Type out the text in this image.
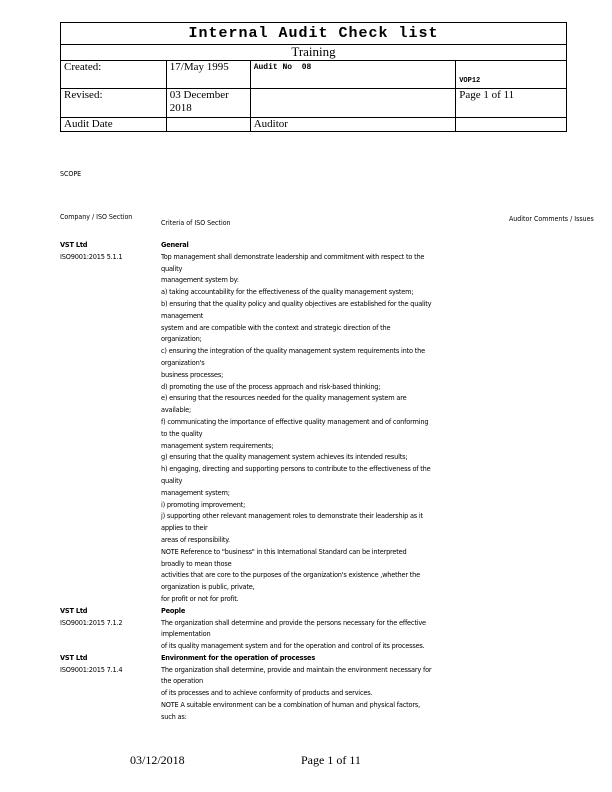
Internal Audit Check list			
Training			
Created:	17/May 1995	Audit No  08	VOP12
Revised:	03 December 2018		Page 1 of 11
Audit Date		Auditor	
SCOPE
Company / ISO Section
Criteria of ISO Section	Auditor Comments / Issues
VST Ltd
ISO9001:2015 5.1.1
General
Top management shall demonstrate leadership and commitment with respect to the
quality
management system by:
a) taking accountability for the effectiveness of the quality management system;
b) ensuring that the quality policy and quality objectives are established for the quality
management
system and are compatible with the context and strategic direction of the
organization;
c) ensuring the integration of the quality management system requirements into the
organization's
business processes;
d) promoting the use of the process approach and risk-based thinking;
e) ensuring that the resources needed for the quality management system are
available;
f) communicating the importance of effective quality management and of conforming
to the quality
management system requirements;
g) ensuring that the quality management system achieves its intended results;
h) engaging, directing and supporting persons to contribute to the effectiveness of the
quality
management system;
i) promoting improvement;
j) supporting other relevant management roles to demonstrate their leadership as it
applies to their
areas of responsibility.
NOTE Reference to "business" in this International Standard can be interpreted
broadly to mean those
activities that are core to the purposes of the organization's existence ,whether the
organization is public, private,
for profit or not for profit.
VST Ltd
ISO9001:2015 7.1.2
People
The organization shall determine and provide the persons necessary for the effective
implementation
of its quality management system and for the operation and control of its processes.
VST Ltd
ISO9001:2015 7.1.4
Environment for the operation of processes
The organization shall determine, provide and maintain the environment necessary for
the operation
of its processes and to achieve conformity of products and services.
NOTE A suitable environment can be a combination of human and physical factors,
such as:
03/12/2018	Page 1 of 11
